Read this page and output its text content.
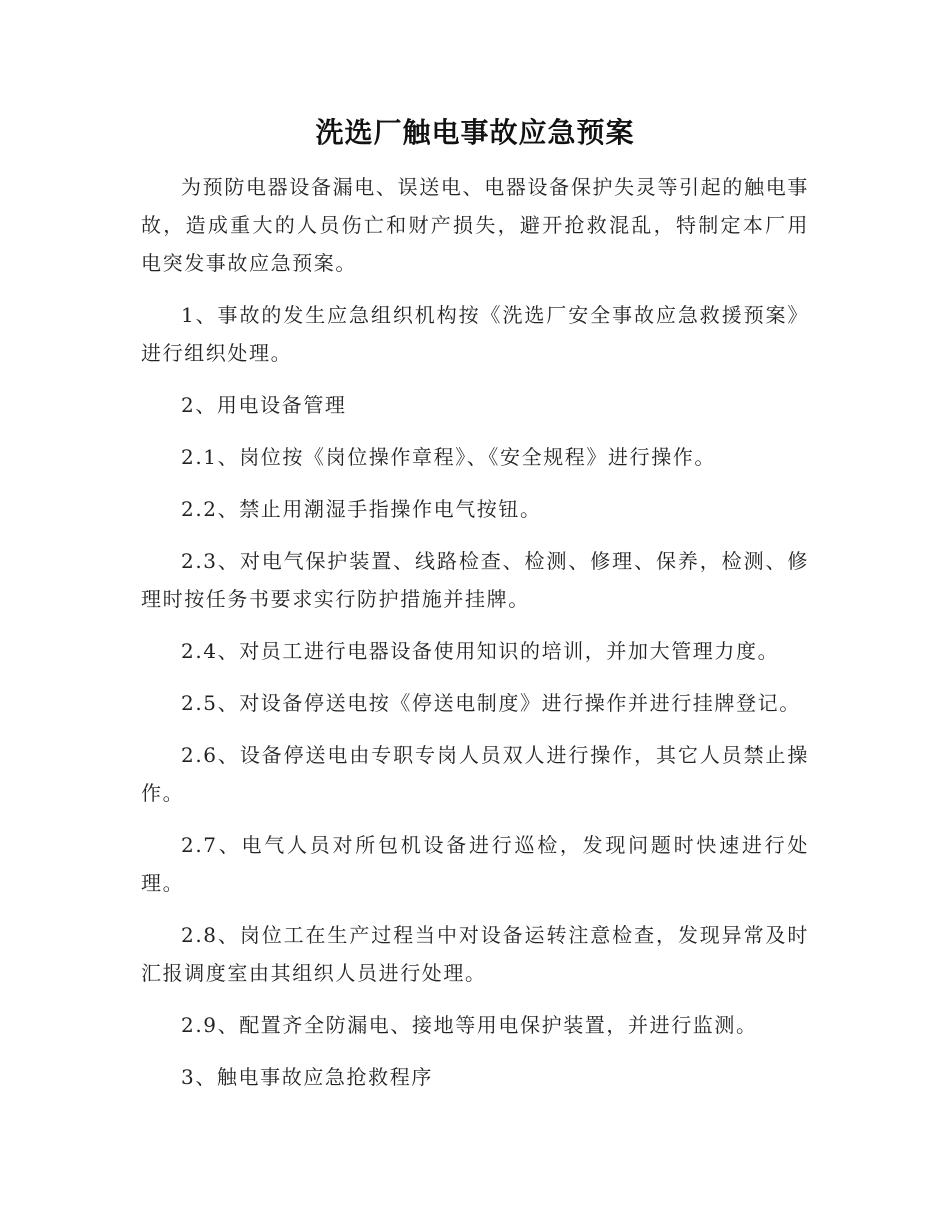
洗选厂触电事故应急预案

为预防电器设备漏电、误送电、电器设备保护失灵等引起的触电事故，造成重大的人员伤亡和财产损失，避开抢救混乱，特制定本厂用电突发事故应急预案。

1、事故的发生应急组织机构按《洗选厂安全事故应急救援预案》进行组织处理。

2、用电设备管理

2.1、岗位按《岗位操作章程》、《安全规程》进行操作。

2.2、禁止用潮湿手指操作电气按钮。

2.3、对电气保护装置、线路检查、检测、修理、保养，检测、修理时按任务书要求实行防护措施并挂牌。

2.4、对员工进行电器设备使用知识的培训，并加大管理力度。

2.5、对设备停送电按《停送电制度》进行操作并进行挂牌登记。

2.6、设备停送电由专职专岗人员双人进行操作，其它人员禁止操作。

2.7、电气人员对所包机设备进行巡检，发现问题时快速进行处理。

2.8、岗位工在生产过程当中对设备运转注意检查，发现异常及时汇报调度室由其组织人员进行处理。

2.9、配置齐全防漏电、接地等用电保护装置，并进行监测。

3、触电事故应急抢救程序
